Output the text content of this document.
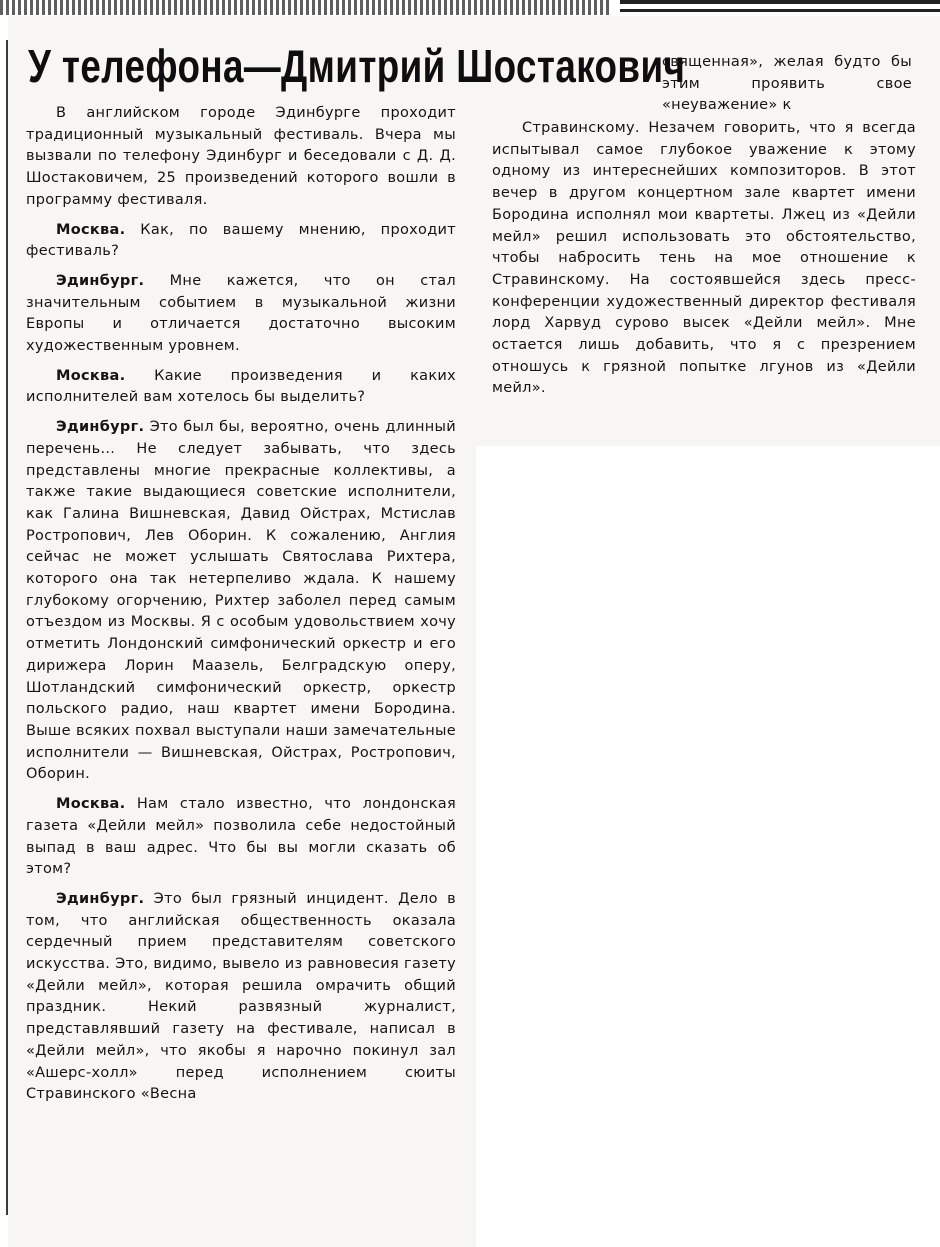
У телефона—Дмитрий Шостакович
священная», желая будто бы этим проявить свое «неуважение» к

В английском городе Эдинбурге проходит традиционный музыкальный фестиваль. Вчера мы вызвали по телефону Эдинбург и беседовали с Д. Д. Шостаковичем, 25 произведений которого вошли в программу фестиваля.

Москва. Как, по вашему мнению, проходит фестиваль?

Эдинбург. Мне кажется, что он стал значительным событием в музыкальной жизни Европы и отличается достаточно высоким художественным уровнем.

Москва. Какие произведения и каких исполнителей вам хотелось бы выделить?

Эдинбург. Это был бы, вероятно, очень длинный перечень... Не следует забывать, что здесь представлены многие прекрасные коллективы, а также такие выдающиеся советские исполнители, как Галина Вишневская, Давид Ойстрах, Мстислав Ростропович, Лев Оборин. К сожалению, Англия сейчас не может услышать Святослава Рихтера, которого она так нетерпеливо ждала. К нашему глубокому огорчению, Рихтер заболел перед самым отъездом из Москвы. Я с особым удовольствием хочу отметить Лондонский симфонический оркестр и его дирижера Лорин Маазель, Белградскую оперу, Шотландский симфонический оркестр, оркестр польского радио, наш квартет имени Бородина. Выше всяких похвал выступали наши замечательные исполнители — Вишневская, Ойстрах, Ростропович, Оборин.

Москва. Нам стало известно, что лондонская газета «Дейли мейл» позволила себе недостойный выпад в ваш адрес. Что бы вы могли сказать об этом?

Эдинбург. Это был грязный инцидент. Дело в том, что английская общественность оказала сердечный прием представителям советского искусства. Это, видимо, вывело из равновесия газету «Дейли мейл», которая решила омрачить общий праздник. Некий развязный журналист, представлявший газету на фестивале, написал в «Дейли мейл», что якобы я нарочно покинул зал «Ашерс-холл» перед исполнением сюиты Стравинского «Весна

Стравинскому. Незачем говорить, что я всегда испытывал самое глубокое уважение к этому одному из интереснейших композиторов. В этот вечер в другом концертном зале квартет имени Бородина исполнял мои квартеты. Лжец из «Дейли мейл» решил использовать это обстоятельство, чтобы набросить тень на мое отношение к Стравинскому. На состоявшейся здесь пресс-конференции художественный директор фестиваля лорд Харвуд сурово высек «Дейли мейл». Мне остается лишь добавить, что я с презрением отношусь к грязной попытке лгунов из «Дейли мейл».
